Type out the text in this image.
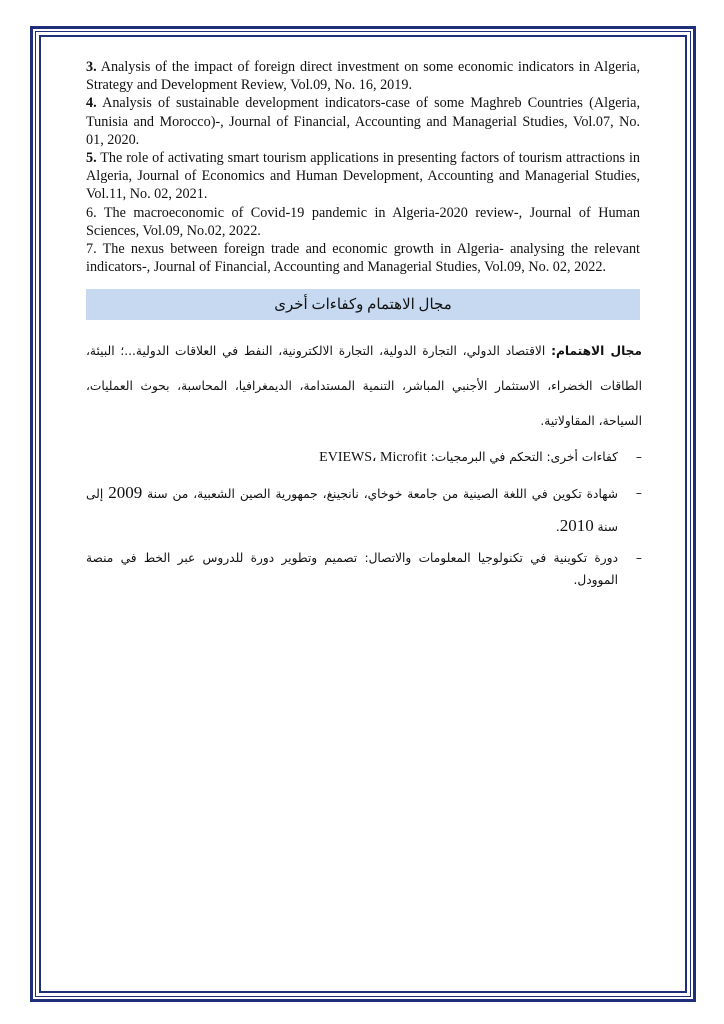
3. Analysis of the impact of foreign direct investment on some economic indicators in Algeria, Strategy and Development Review, Vol.09, No. 16, 2019.

4. Analysis of sustainable development indicators-case of some Maghreb Countries (Algeria, Tunisia and Morocco)-, Journal of Financial, Accounting and Managerial Studies, Vol.07, No. 01, 2020.

5. The role of activating smart tourism applications in presenting factors of tourism attractions in Algeria, Journal of Economics and Human Development, Accounting and Managerial Studies, Vol.11, No. 02, 2021.

6. The macroeconomic of Covid-19 pandemic in Algeria-2020 review-, Journal of Human Sciences, Vol.09, No.02, 2022.

7. The nexus between foreign trade and economic growth in Algeria- analysing the relevant indicators-, Journal of Financial, Accounting and Managerial Studies, Vol.09, No. 02, 2022.

مجال الاهتمام وكفاءات أخرى
مجال الاهتمام: الاقتصاد الدولي، التجارة الدولية، التجارة الالكترونية، النفط في العلاقات الدولية...؛ البيئة، الطاقات الخضراء، الاستثمار الأجنبي المباشر، التنمية المستدامة، الديمغرافيا، المحاسبة، بحوث العمليات، السياحة، المقاولاتية.
–
كفاءات أخرى: التحكم في البرمجيات: EVIEWS، Microfit
–
شهادة تكوين في اللغة الصينية من جامعة خوخاي، نانجينغ، جمهورية الصين الشعبية، من سنة 2009 إلى سنة 2010.
–
دورة تكوينية في تكنولوجيا المعلومات والاتصال: تصميم وتطوير دورة للدروس عبر الخط في منصة الموودل.
